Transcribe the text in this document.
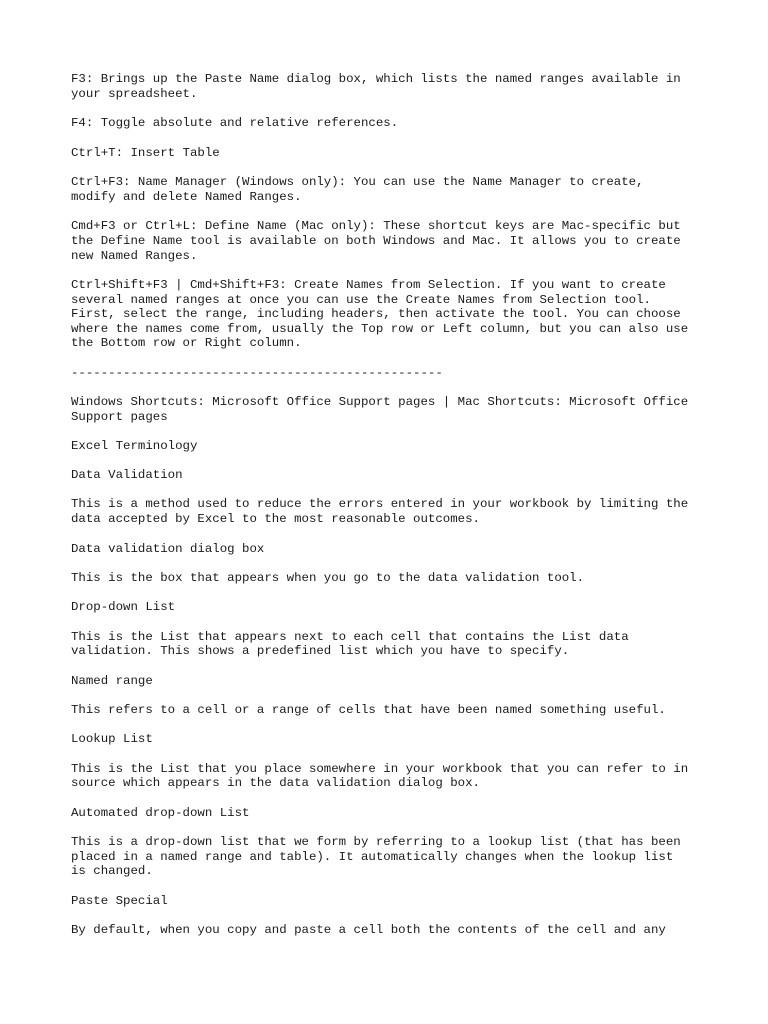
F3: Brings up the Paste Name dialog box, which lists the named ranges available in

your spreadsheet.

F4: Toggle absolute and relative references.

Ctrl+T: Insert Table

Ctrl+F3: Name Manager (Windows only): You can use the Name Manager to create,

modify and delete Named Ranges.

Cmd+F3 or Ctrl+L: Define Name (Mac only): These shortcut keys are Mac-specific but

the Define Name tool is available on both Windows and Mac. It allows you to create

new Named Ranges.

Ctrl+Shift+F3 | Cmd+Shift+F3: Create Names from Selection. If you want to create

several named ranges at once you can use the Create Names from Selection tool.

First, select the range, including headers, then activate the tool. You can choose

where the names come from, usually the Top row or Left column, but you can also use

the Bottom row or Right column.

--------------------------------------------------

Windows Shortcuts: Microsoft Office Support pages | Mac Shortcuts: Microsoft Office

Support pages

Excel Terminology

Data Validation

This is a method used to reduce the errors entered in your workbook by limiting the

data accepted by Excel to the most reasonable outcomes.

Data validation dialog box

This is the box that appears when you go to the data validation tool.

Drop-down List

This is the List that appears next to each cell that contains the List data

validation. This shows a predefined list which you have to specify.

Named range

This refers to a cell or a range of cells that have been named something useful.

Lookup List

This is the List that you place somewhere in your workbook that you can refer to in

source which appears in the data validation dialog box.

Automated drop-down List

This is a drop-down list that we form by referring to a lookup list (that has been

placed in a named range and table). It automatically changes when the lookup list

is changed.

Paste Special

By default, when you copy and paste a cell both the contents of the cell and any
